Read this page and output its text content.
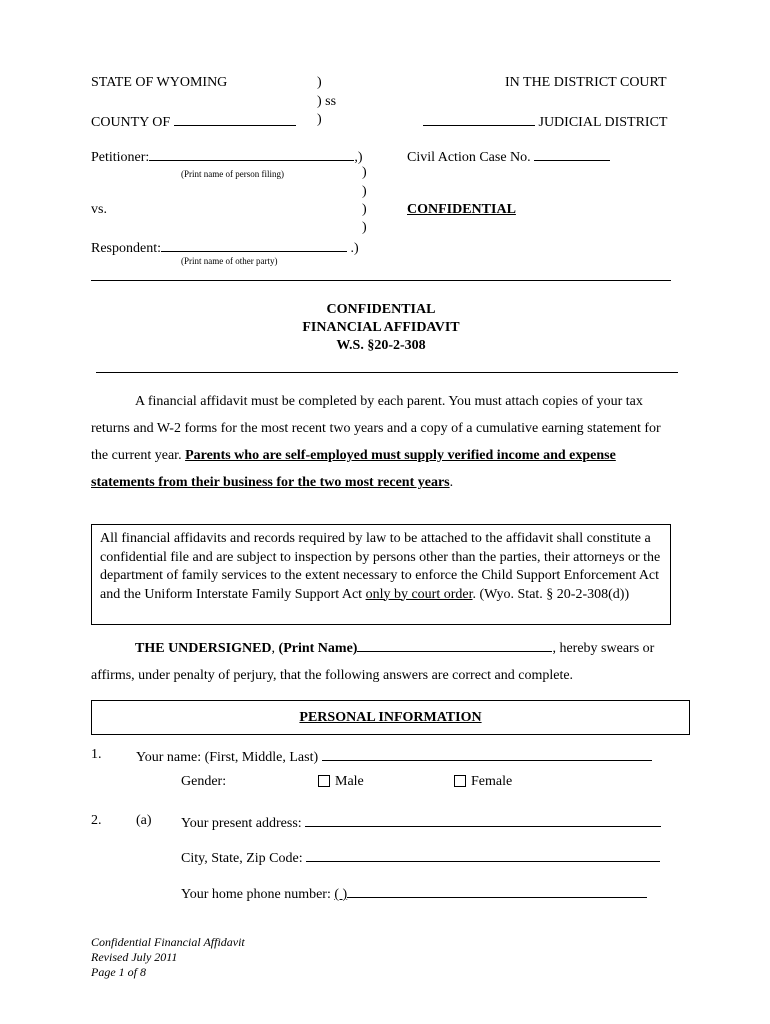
STATE OF WYOMING	)
) ss
)
IN THE DISTRICT COURT
COUNTY OF	JUDICIAL DISTRICT
Petitioner:	,)
(Print name of person filing)	)
)
vs.	)
)
Civil Action Case No.
CONFIDENTIAL
Respondent:	.)
(Print name of other party)
CONFIDENTIAL
FINANCIAL AFFIDAVIT
W.S. §20-2-308
A financial affidavit must be completed by each parent. You must attach copies of your tax returns and W-2 forms for the most recent two years and a copy of a cumulative earning statement for the current year. Parents who are self-employed must supply verified income and expense statements from their business for the two most recent years.
All financial affidavits and records required by law to be attached to the affidavit shall constitute a confidential file and are subject to inspection by persons other than the parties, their attorneys or the department of family services to the extent necessary to enforce the Child Support Enforcement Act and the Uniform Interstate Family Support Act only by court order. (Wyo. Stat. § 20-2-308(d))
THE UNDERSIGNED, (Print Name)	, hereby swears or affirms, under penalty of perjury, that the following answers are correct and complete.
PERSONAL INFORMATION
1. Your name: (First, Middle, Last)
Gender:	Male	Female
2. (a) Your present address:
City, State, Zip Code:
Your home phone number: ( )
Confidential Financial Affidavit
Revised July 2011
Page 1 of 8
